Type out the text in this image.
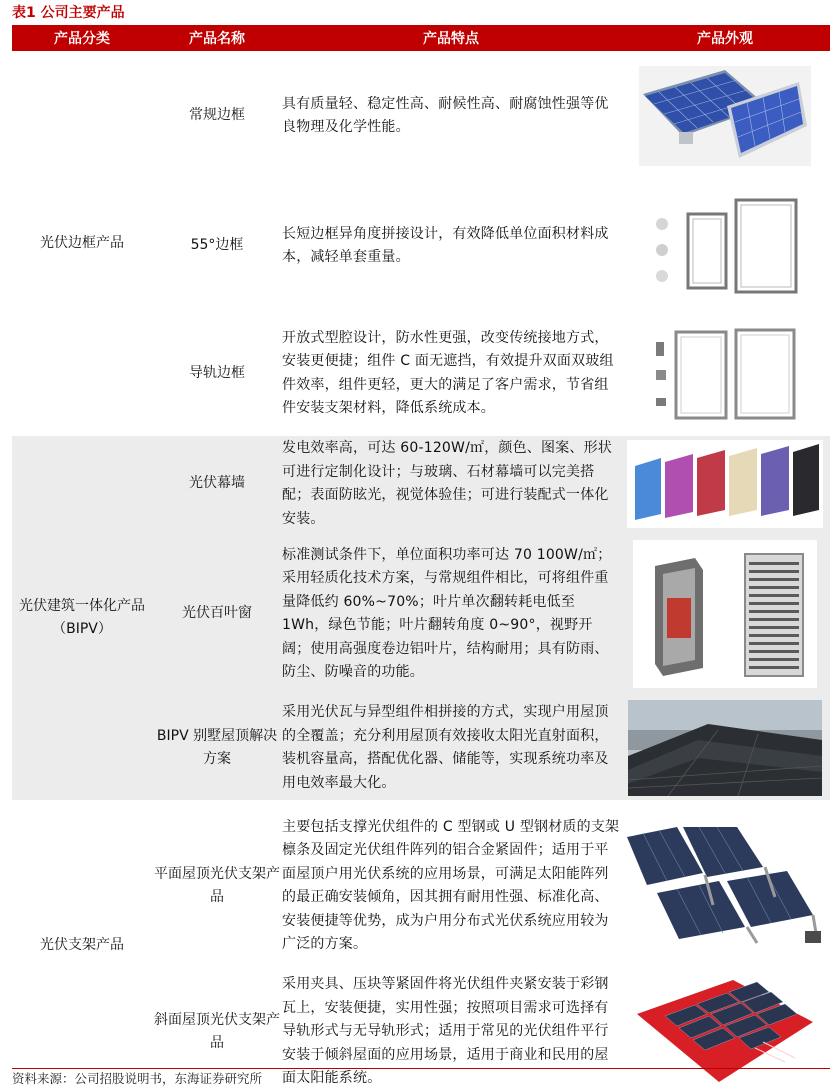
表1 公司主要产品
产品分类	产品名称	产品特点	产品外观
光伏边框产品	常规边框	具有质量轻、稳定性高、耐候性高、耐腐蚀性强等优良物理及化学性能。	

	55°边框	长短边框异角度拼接设计，有效降低单位面积材料成本，减轻单套重量。	

	导轨边框	开放式型腔设计，防水性更强，改变传统接地方式，安装更便捷；组件 C 面无遮挡，有效提升双面双玻组件效率，组件更轻，更大的满足了客户需求，节省组件安装支架材料，降低系统成本。	

光伏建筑一体化产品（BIPV）	光伏幕墙	发电效率高，可达 60-120W/㎡，颜色、图案、形状可进行定制化设计；与玻璃、石材幕墙可以完美搭配；表面防眩光，视觉体验佳；可进行装配式一体化安装。	

	光伏百叶窗	标准测试条件下，单位面积功率可达 70 100W/㎡；采用轻质化技术方案，与常规组件相比，可将组件重量降低约 60%~70%；叶片单次翻转耗电低至 1Wh，绿色节能；叶片翻转角度 0~90°，视野开阔；使用高强度卷边铝叶片，结构耐用；具有防雨、防尘、防噪音的功能。	

	BIPV 别墅屋顶解决方案	采用光伏瓦与异型组件相拼接的方式，实现户用屋顶的全覆盖；充分利用屋顶有效接收太阳光直射面积，装机容量高，搭配优化器、储能等，实现系统功率及用电效率最大化。	

光伏支架产品	平面屋顶光伏支架产品	主要包括支撑光伏组件的 C 型钢或 U 型钢材质的支架檩条及固定光伏组件阵列的铝合金紧固件；适用于平面屋顶户用光伏系统的应用场景，可满足太阳能阵列的最正确安装倾角，因其拥有耐用性强、标准化高、安装便捷等优势，成为户用分布式光伏系统应用较为广泛的方案。	

	斜面屋顶光伏支架产品	采用夹具、压块等紧固件将光伏组件夹紧安装于彩钢瓦上，安装便捷，实用性强；按照项目需求可选择有导轨形式与无导轨形式；适用于常见的光伏组件平行安装于倾斜屋面的应用场景，适用于商业和民用的屋面太阳能系统。	
资料来源：公司招股说明书，东海证券研究所
